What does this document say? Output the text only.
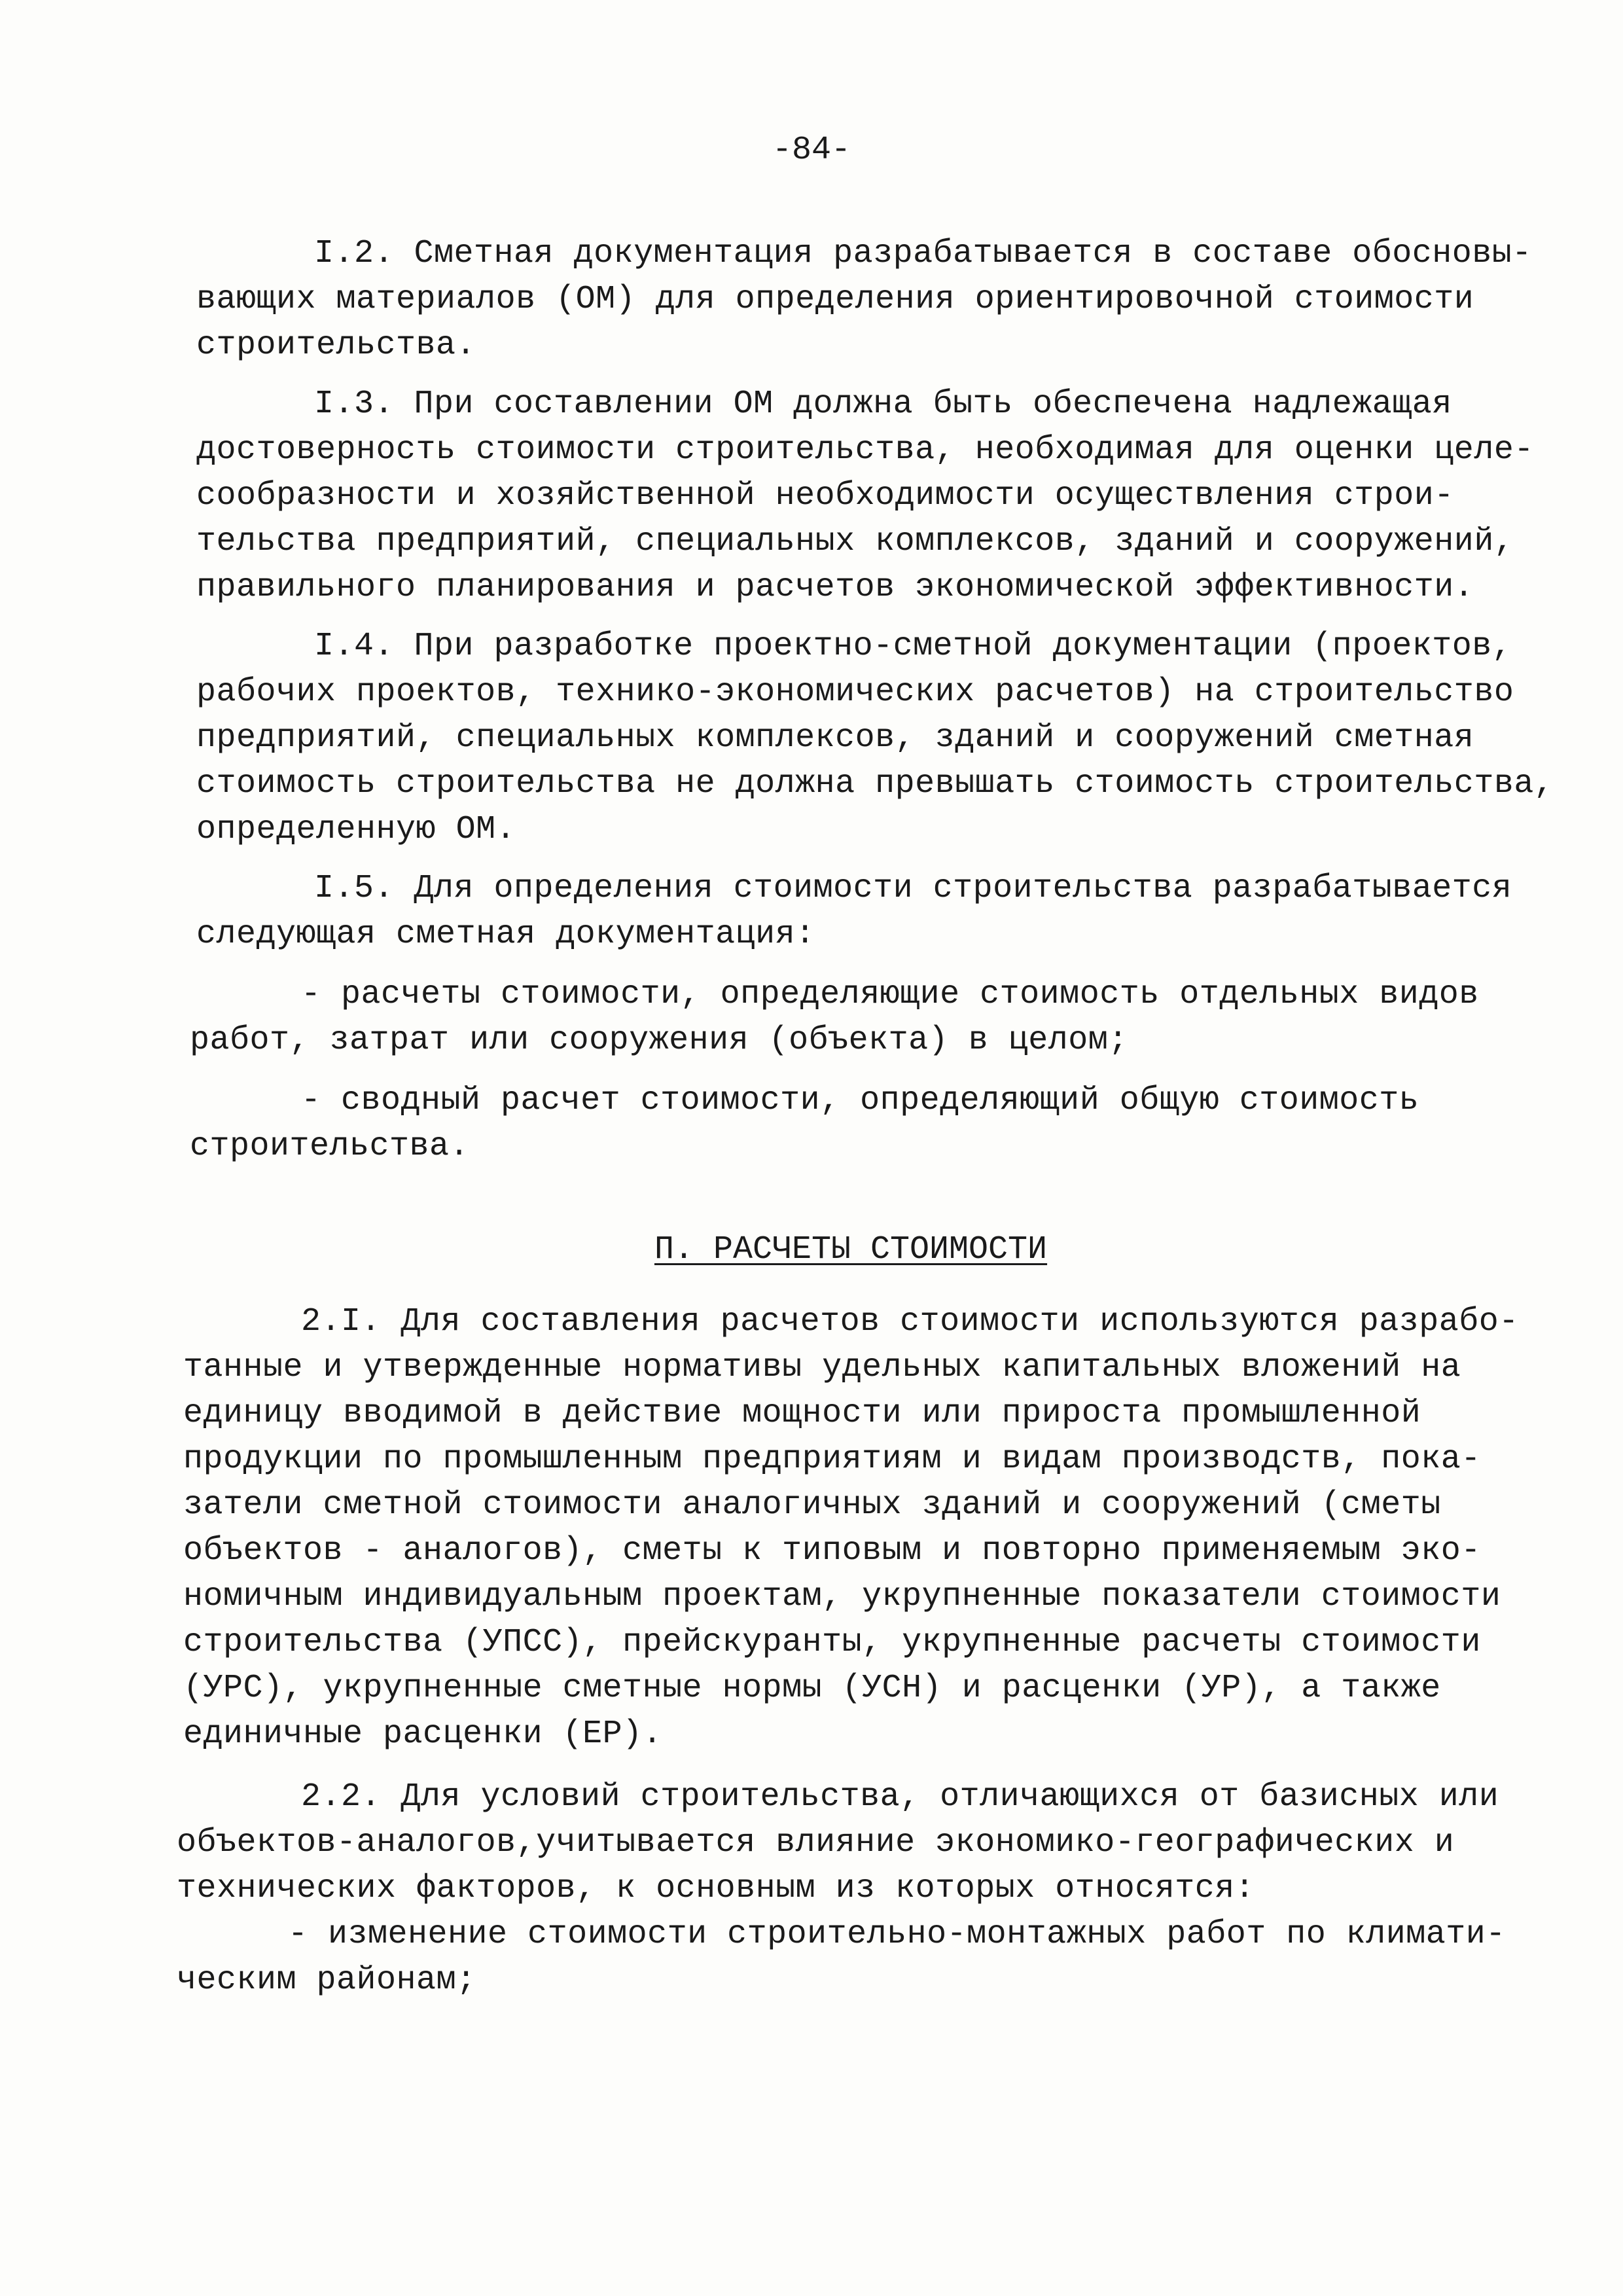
-84-
I.2. Сметная документация разрабатывается в составе обосновы-
вающих материалов (ОМ) для определения ориентировочной стоимости
строительства.
I.3. При составлении ОМ должна быть обеспечена надлежащая
достоверность стоимости строительства, необходимая для оценки целе-
сообразности и хозяйственной необходимости осуществления строи-
тельства предприятий, специальных комплексов, зданий и сооружений,
правильного планирования и расчетов экономической эффективности.
I.4. При разработке проектно-сметной документации (проектов,
рабочих проектов, технико-экономических расчетов) на строительство
предприятий, специальных комплексов, зданий и сооружений сметная
стоимость строительства не должна превышать стоимость строительства,
определенную ОМ.
I.5. Для определения стоимости строительства разрабатывается
следующая сметная документация:
- расчеты стоимости, определяющие стоимость отдельных видов
работ, затрат или сооружения (объекта) в целом;
- сводный расчет стоимости, определяющий общую стоимость
строительства.
П. РАСЧЕТЫ СТОИМОСТИ
2.I. Для составления расчетов стоимости используются разрабо-
танные и утвержденные нормативы удельных капитальных вложений на
единицу вводимой в действие мощности или прироста промышленной
продукции по промышленным предприятиям и видам производств, пока-
затели сметной стоимости аналогичных зданий и сооружений (сметы
объектов - аналогов), сметы к типовым и повторно применяемым эко-
номичным индивидуальным проектам, укрупненные показатели стоимости
строительства (УПСС), прейскуранты, укрупненные расчеты стоимости
(УРС), укрупненные сметные нормы (УСН) и расценки (УР), а также
единичные расценки (ЕР).
2.2. Для условий строительства, отличающихся от базисных или
объектов-аналогов,учитывается влияние экономико-географических и
технических факторов, к основным из которых относятся:
- изменение стоимости строительно-монтажных работ по климати-
ческим районам;
